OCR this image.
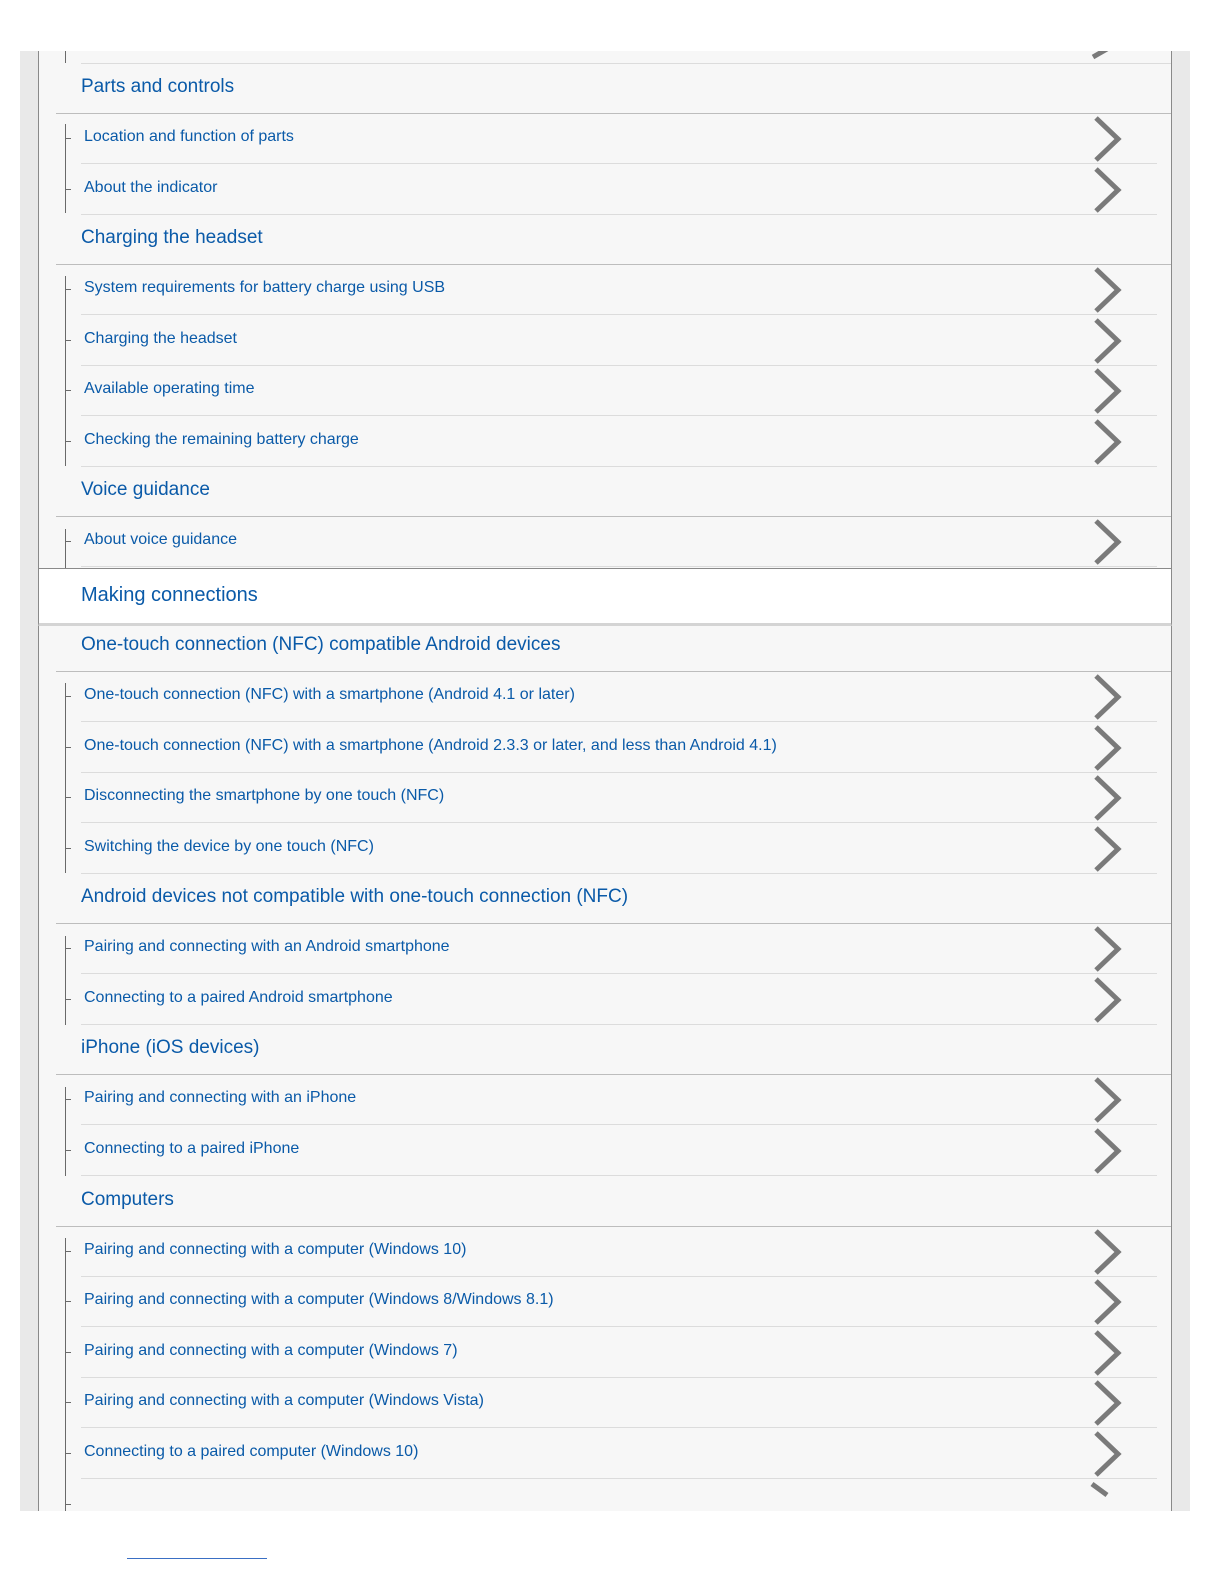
Parts and controls
Location and function of parts
About the indicator
Charging the headset
System requirements for battery charge using USB
Charging the headset
Available operating time
Checking the remaining battery charge
Voice guidance
About voice guidance
Making connections
One-touch connection (NFC) compatible Android devices
One-touch connection (NFC) with a smartphone (Android 4.1 or later)
One-touch connection (NFC) with a smartphone (Android 2.3.3 or later, and less than Android 4.1)
Disconnecting the smartphone by one touch (NFC)
Switching the device by one touch (NFC)
Android devices not compatible with one-touch connection (NFC)
Pairing and connecting with an Android smartphone
Connecting to a paired Android smartphone
iPhone (iOS devices)
Pairing and connecting with an iPhone
Connecting to a paired iPhone
Computers
Pairing and connecting with a computer (Windows 10)
Pairing and connecting with a computer (Windows 8/Windows 8.1)
Pairing and connecting with a computer (Windows 7)
Pairing and connecting with a computer (Windows Vista)
Connecting to a paired computer (Windows 10)
